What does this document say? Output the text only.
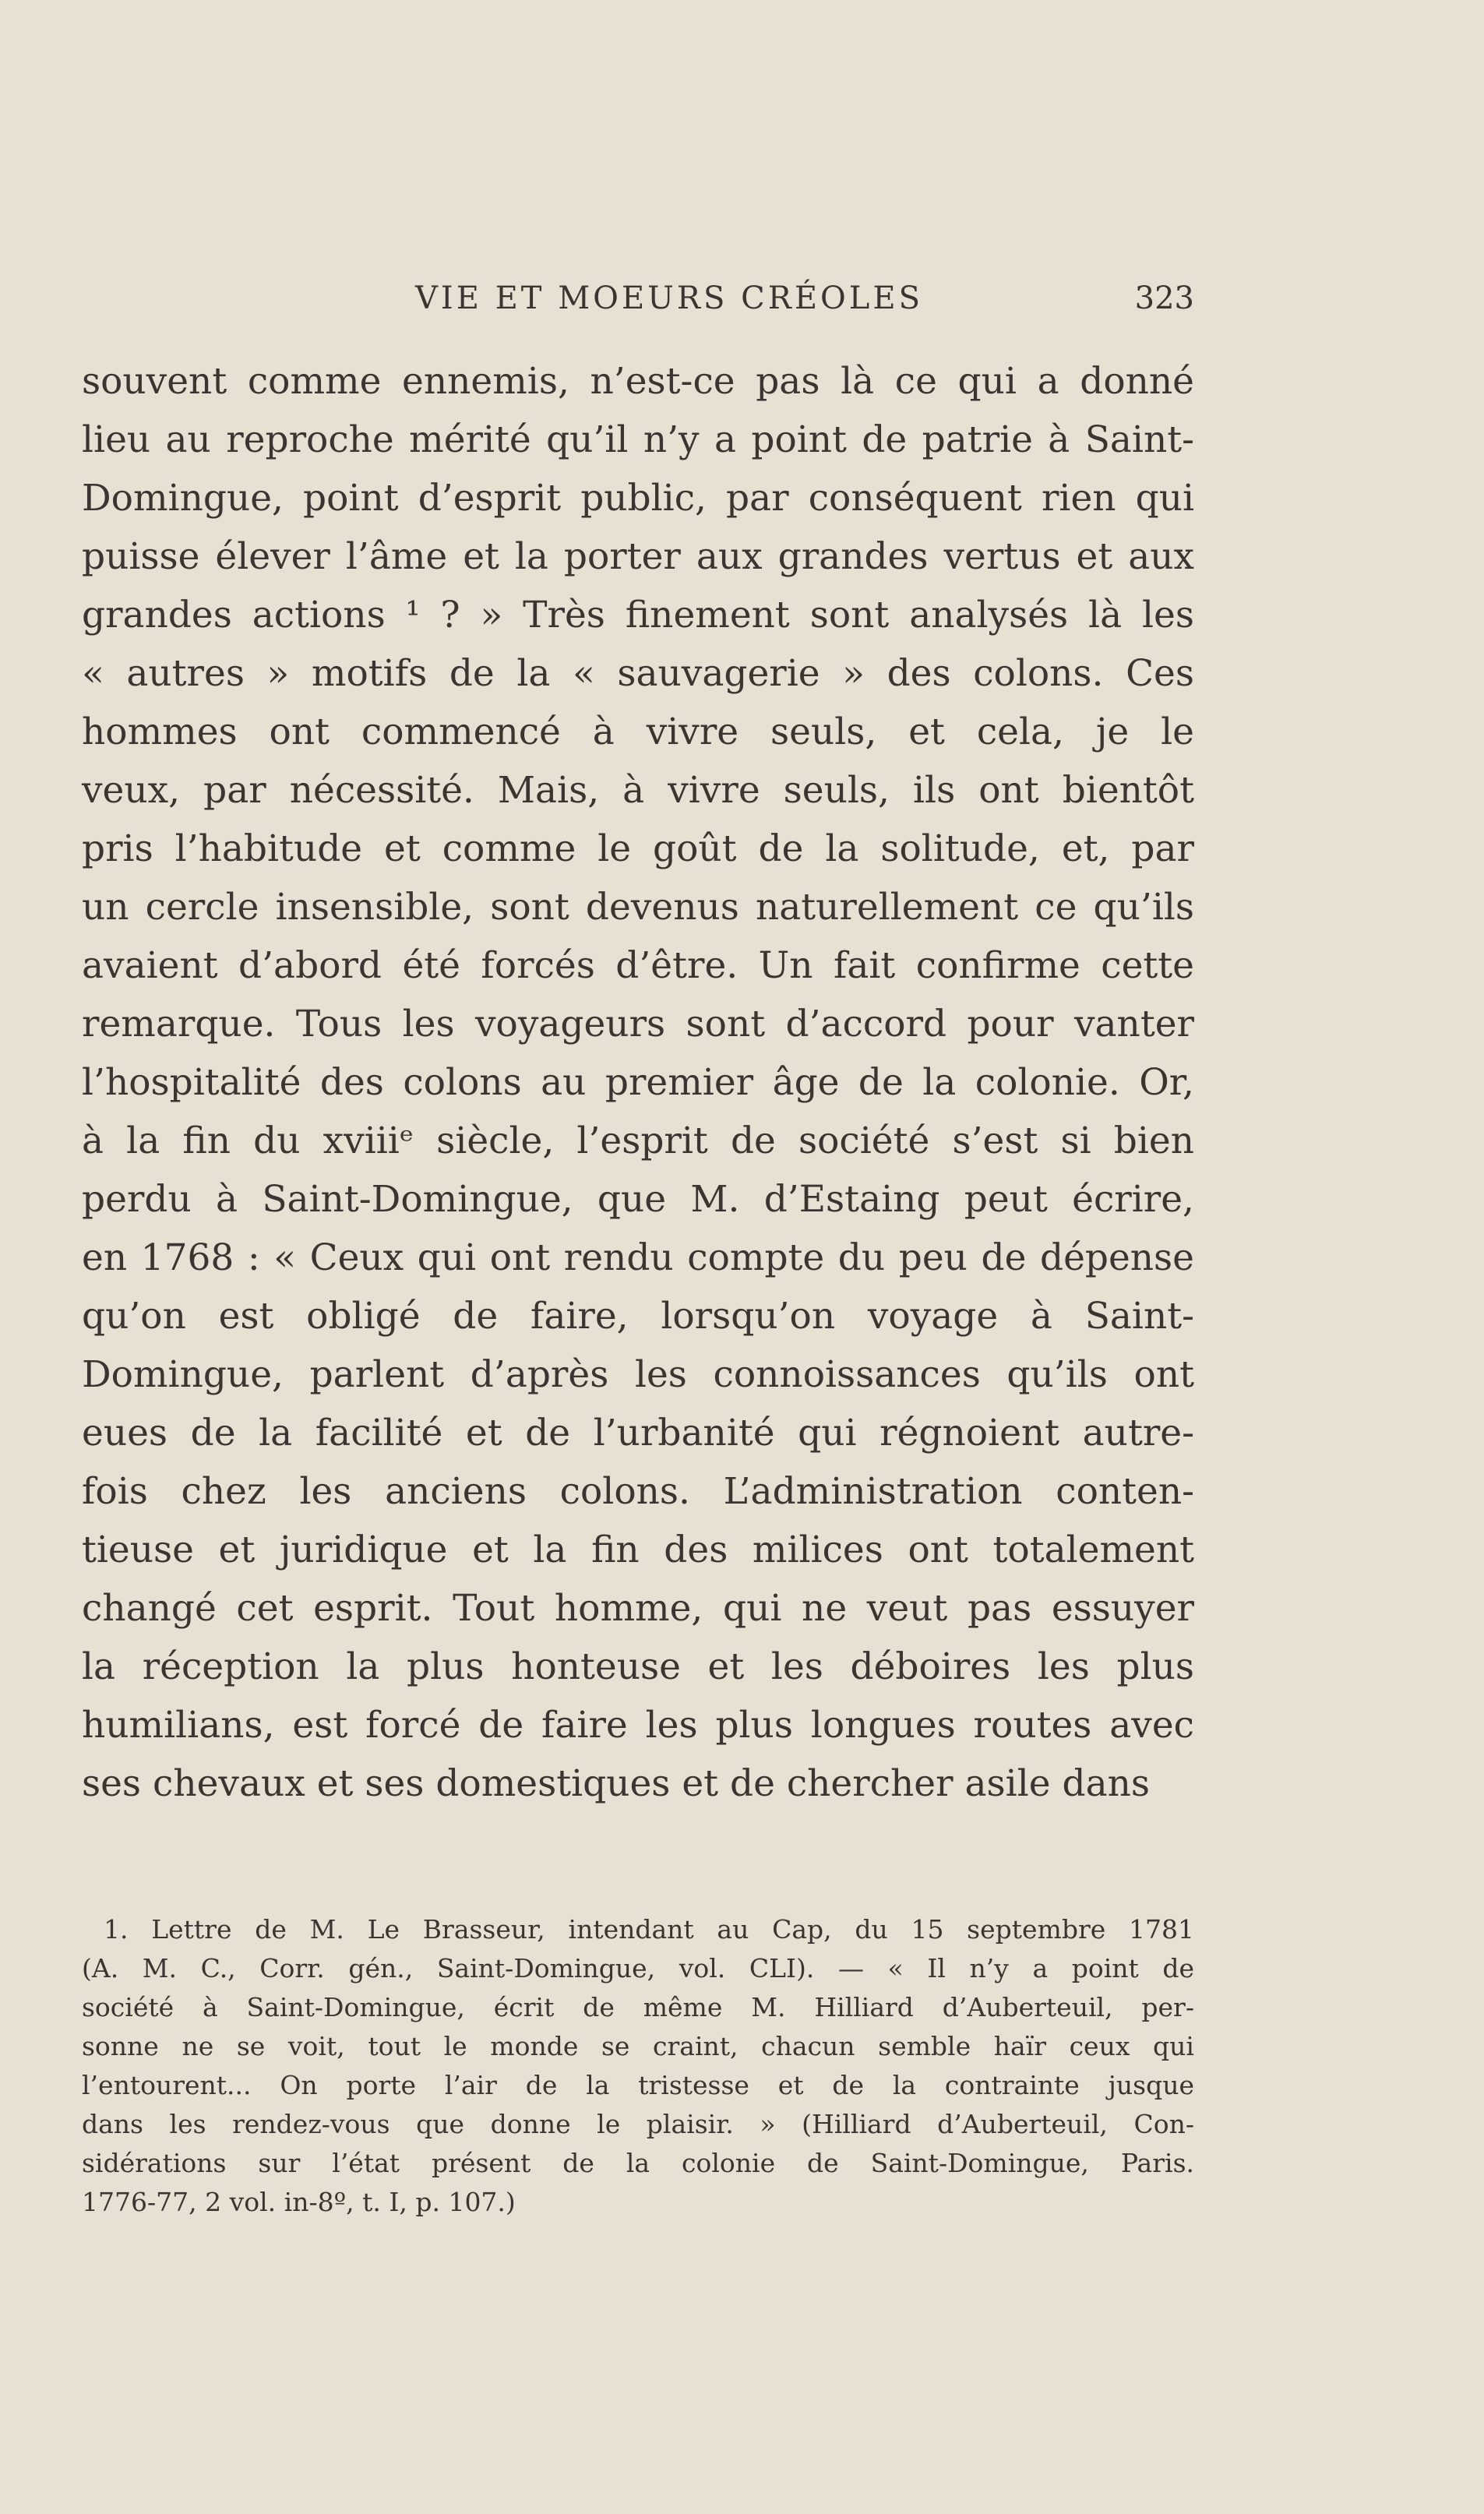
VIE ET MOEURS CRÉOLES	323
souvent comme ennemis, n’est-ce pas là ce qui a donné
lieu au reproche mérité qu’il n’y a point de patrie à Saint-
Domingue, point d’esprit public, par conséquent rien qui
puisse élever l’âme et la porter aux grandes vertus et aux
grandes actions ¹ ? » Très finement sont analysés là les
« autres » motifs de la « sauvagerie » des colons. Ces
hommes ont commencé à vivre seuls, et cela, je le
veux, par nécessité. Mais, à vivre seuls, ils ont bientôt
pris l’habitude et comme le goût de la solitude, et, par
un cercle insensible, sont devenus naturellement ce qu’ils
avaient d’abord été forcés d’être. Un fait confirme cette
remarque. Tous les voyageurs sont d’accord pour vanter
l’hospitalité des colons au premier âge de la colonie. Or,
à la fin du xviiiᵉ siècle, l’esprit de société s’est si bien
perdu à Saint-Domingue, que M. d’Estaing peut écrire,
en 1768 : « Ceux qui ont rendu compte du peu de dépense
qu’on est obligé de faire, lorsqu’on voyage à Saint-
Domingue, parlent d’après les connoissances qu’ils ont
eues de la facilité et de l’urbanité qui régnoient autre-
fois chez les anciens colons. L’administration conten-
tieuse et juridique et la fin des milices ont totalement
changé cet esprit. Tout homme, qui ne veut pas essuyer
la réception la plus honteuse et les déboires les plus
humilians, est forcé de faire les plus longues routes avec
ses chevaux et ses domestiques et de chercher asile dans
1. Lettre de M. Le Brasseur, intendant au Cap, du 15 septembre 1781
(A. M. C., Corr. gén., Saint-Domingue, vol. CLI). — « Il n’y a point de
société à Saint-Domingue, écrit de même M. Hilliard d’Auberteuil, per-
sonne ne se voit, tout le monde se craint, chacun semble haïr ceux qui
l’entourent... On porte l’air de la tristesse et de la contrainte jusque
dans les rendez-vous que donne le plaisir. » (Hilliard d’Auberteuil, Con-
sidérations sur l’état présent de la colonie de Saint-Domingue, Paris.
1776-77, 2 vol. in-8º, t. I, p. 107.)
